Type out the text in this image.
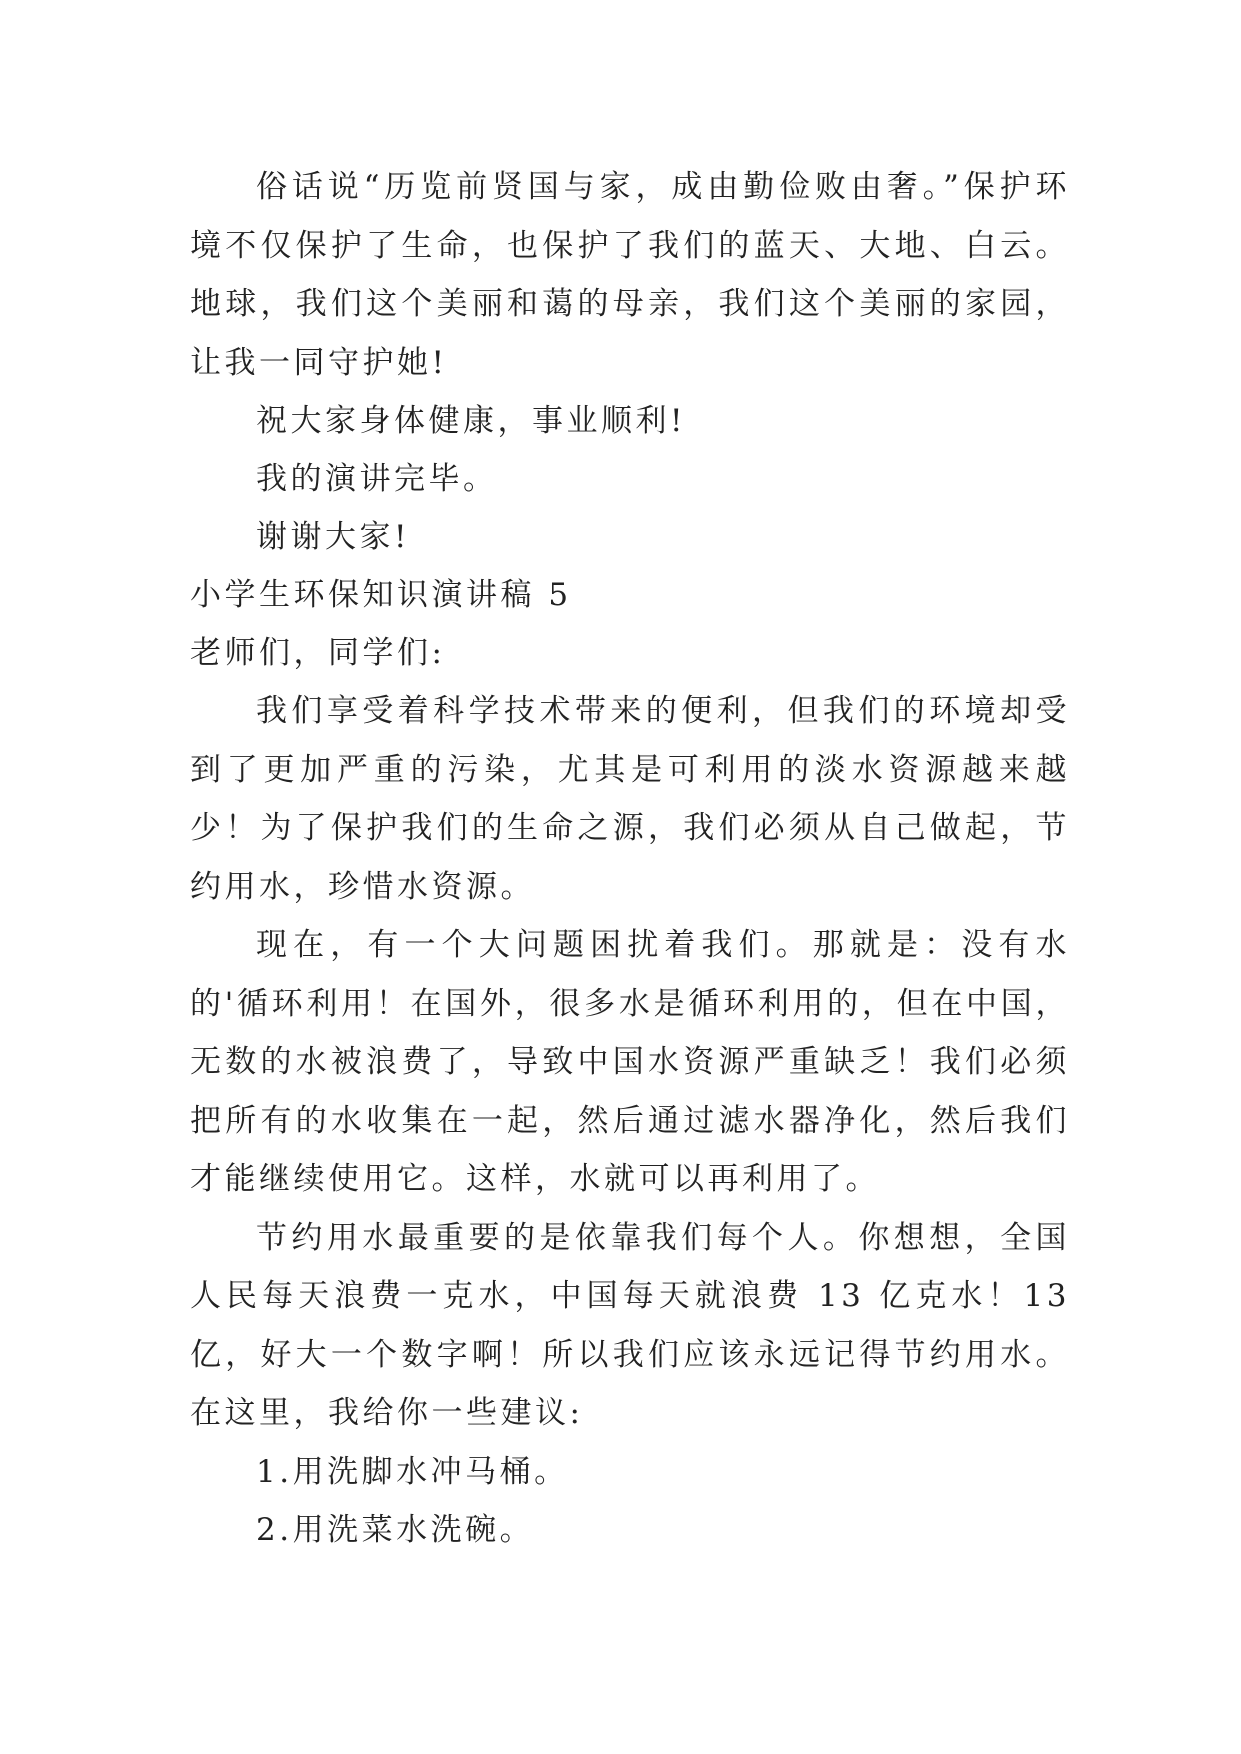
俗话说“历览前贤国与家，成由勤俭败由奢。”保护环境不仅保护了生命，也保护了我们的蓝天、大地、白云。地球，我们这个美丽和蔼的母亲，我们这个美丽的家园，让我一同守护她!

祝大家身体健康，事业顺利!

我的演讲完毕。

谢谢大家!

小学生环保知识演讲稿 5

老师们，同学们:

我们享受着科学技术带来的便利，但我们的环境却受到了更加严重的污染，尤其是可利用的淡水资源越来越少！为了保护我们的生命之源，我们必须从自己做起，节约用水，珍惜水资源。

现在，有一个大问题困扰着我们。那就是：没有水的'循环利用！在国外，很多水是循环利用的，但在中国，无数的水被浪费了，导致中国水资源严重缺乏！我们必须把所有的水收集在一起，然后通过滤水器净化，然后我们才能继续使用它。这样，水就可以再利用了。

节约用水最重要的是依靠我们每个人。你想想，全国人民每天浪费一克水，中国每天就浪费 13 亿克水！13 亿，好大一个数字啊！所以我们应该永远记得节约用水。在这里，我给你一些建议:

1.用洗脚水冲马桶。

2.用洗菜水洗碗。
